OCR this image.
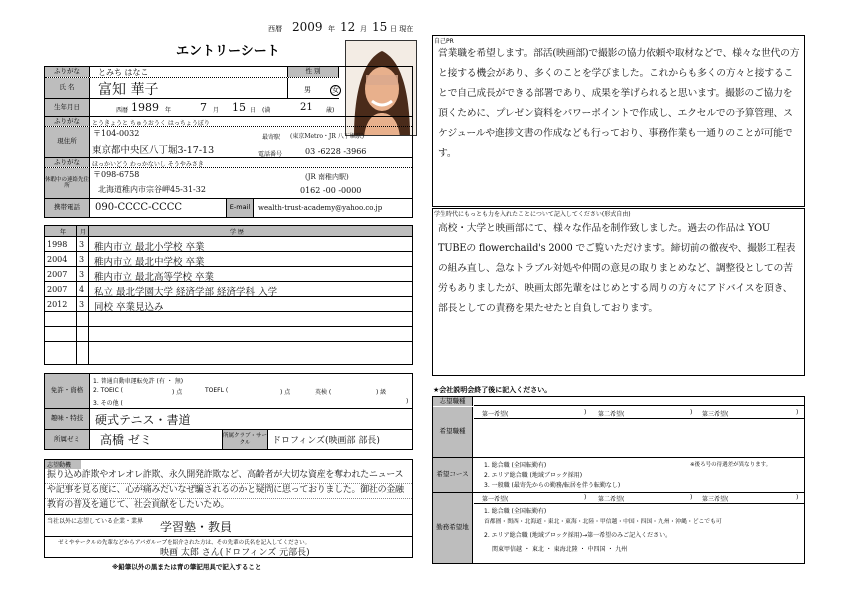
西暦 2009 年 12 月 15 日 現在
エントリーシート
ふりがな	とみち はなこ	性 別
氏 名	富知 華子	男	女
生年月日	西暦 1989 年	7 月 15 日 (満	21 歳)
ふりがな	とうきょうと ちゅうおうく はっちょうぼり
現住所
〒104-0032
東京都中央区八丁堀3-17-13
最寄駅 (東京Metro・JR 八丁堀駅)
電話番号	03 -6228 -3966
ふりがな	ほっかいどう わっかないし そうやみさき
休暇中の連絡先住所
〒098-6758
北海道稚内市宗谷岬45-31-32
(JR 南稚内駅)
0162 -00 -0000
携帯電話	090-CCCC-CCCC	E-mail	wealth-trust-academy@yahoo.co.jp
年 月	学 歴
1998 3 稚内市立 最北小学校 卒業
2004 3 稚内市立 最北中学校 卒業
2007 3 稚内市立 最北高等学校 卒業
2007 4 私立 最北学園大学 経済学部 経済学科 入学
2012 3 同校 卒業見込み
免許・資格
1. 普通自動車運転免許 (有 ・ 無)
2. TOEIC (	) 点	TOEFL (	) 点	英検 (	) 級
3. その他 (	)
趣味・特技 硬式テニス・書道
所属ゼミ	高橋 ゼミ	所属クラブ・サークル	ドロフィンズ(映画部 部長)
志望動機
振り込め詐欺やオレオレ詐欺、永久開発詐欺など、高齢者が大切な資産を奪われたニュースや記事を見る度に、心が痛みだいなぜ騙されるのかと疑問に思っておりました。御社の金融教育の普及を通じて、社会貢献をしたいため。
当社以外に志望している企業・業界 学習塾・教員
ゼミやサークルの先輩などからアパガループを紹介された方は、その先輩の氏名を記入してください。
映画 太郎 さん(ドロフィンズ 元部長)
※鉛筆以外の黒または青の筆記用具で記入すること
自己PR
営業職を希望します。部活(映画部)で撮影の協力依頼や取材などで、様々な世代の方と接する機会があり、多くのことを学びました。これからも多くの方々と接することで自己成長ができる部署であり、成果を挙げられると思います。撮影のご協力を頂くために、プレゼン資料をパワーポイントで作成し、エクセルでの予算管理、スケジュールや進捗文書の作成なども行っており、事務作業も一通りのことが可能です。
学生時代にもっとも力を入れたことについて記入してください(形式自由)
高校・大学と映画部にて、様々な作品を制作致しました。過去の作品は YOU TUBEの flowerchaild's 2000 でご覧いただけます。締切前の徹夜や、撮影工程表の組み直し、急なトラブル対処や仲間の意見の取りまとめなど、調整役としての苦労もありましたが、映画太郎先輩をはじめとする周りの方々にアドバイスを頂き、部長としての責務を果たせたと自負しております。
★会社説明会終了後に記入ください。
志望職種
希望職種
第一希望(	) 第二希望(	) 第三希望(	)
希望コース
1. 総合職 (全国転勤有)	※後ろ号の待遇差が異なります。
2. エリア総合職 (地域ブロック採用)
3. 一般職 (最寄先からの勤務/転居を伴う転勤なし)
勤務希望地
第一希望(	) 第二希望(	) 第三希望(	)
1. 総合職 (全国転勤有)
首都圏・関西・北海道・東北・東海・北陸・甲信越・中国・四国・九州・沖縄・どこでも可
2. エリア総合職 (地域ブロック採用)→第一希望のみご記入ください。
関東甲信越 ・ 東北 ・ 東海北陸 ・ 中四国 ・ 九州
